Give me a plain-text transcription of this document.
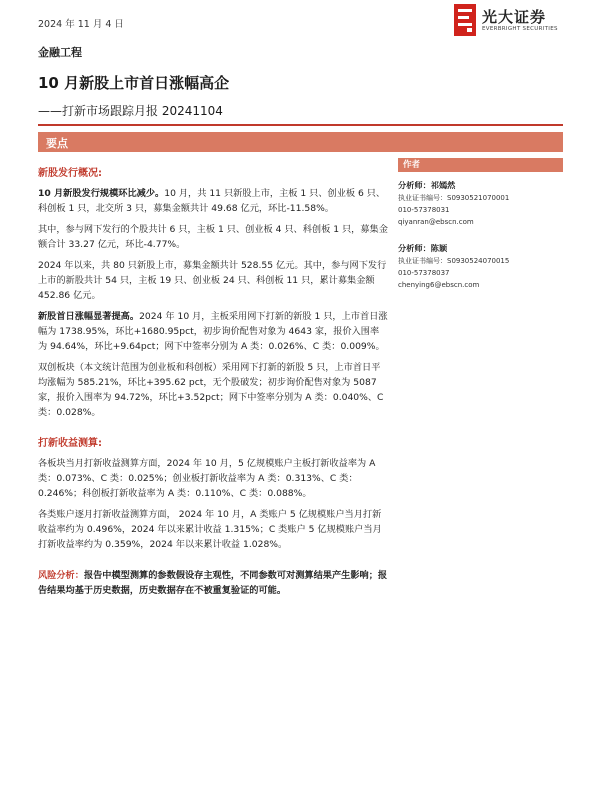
2024 年 11 月 4 日	光大证券
EVERBRIGHT SECURITIES
金融工程
10 月新股上市首日涨幅高企
——打新市场跟踪月报 20241104
要点

新股发行概况:

10 月新股发行规模环比减少。10 月，共 11 只新股上市，主板 1 只、创业板 6 只、科创板 1 只，北交所 3 只，募集金额共计 49.68 亿元，环比-11.58%。

其中，参与网下发行的个股共计 6 只，主板 1 只、创业板 4 只、科创板 1 只，募集金额合计 33.27 亿元，环比-4.77%。

2024 年以来，共 80 只新股上市，募集金额共计 528.55 亿元。其中，参与网下发行上市的新股共计 54 只，主板 19 只、创业板 24 只、科创板 11 只，累计募集金额 452.86 亿元。

新股首日涨幅显著提高。2024 年 10 月，主板采用网下打新的新股 1 只，上市首日涨幅为 1738.95%，环比+1680.95pct，初步询价配售对象为 4643 家，报价入围率为 94.64%，环比+9.64pct；网下中签率分别为 A 类：0.026%、C 类：0.009%。

双创板块（本文统计范围为创业板和科创板）采用网下打新的新股 5 只，上市首日平均涨幅为 585.21%，环比+395.62 pct，无个股破发；初步询价配售对象为 5087 家，报价入围率为 94.72%，环比+3.52pct；网下中签率分别为 A 类：0.040%、C 类：0.028%。

打新收益测算:

各板块当月打新收益测算方面，2024 年 10 月，5 亿规模账户主板打新收益率为 A 类：0.073%、C 类：0.025%；创业板打新收益率为 A 类：0.313%、C 类：0.246%；科创板打新收益率为 A 类：0.110%、C 类：0.088%。

各类账户逐月打新收益测算方面， 2024 年 10 月，A 类账户 5 亿规模账户当月打新收益率约为 0.496%，2024 年以来累计收益 1.315%；C 类账户 5 亿规模账户当月打新收益率约为 0.359%，2024 年以来累计收益 1.028%。

风险分析：报告中模型测算的参数假设存主观性，不同参数可对测算结果产生影响；报告结果均基于历史数据，历史数据存在不被重复验证的可能。

作者
分析师：祁嫣然
执业证书编号：S0930521070001
010-57378031
qiyanran@ebscn.com
分析师：陈颖
执业证书编号：S0930524070015
010-57378037
chenying6@ebscn.com
